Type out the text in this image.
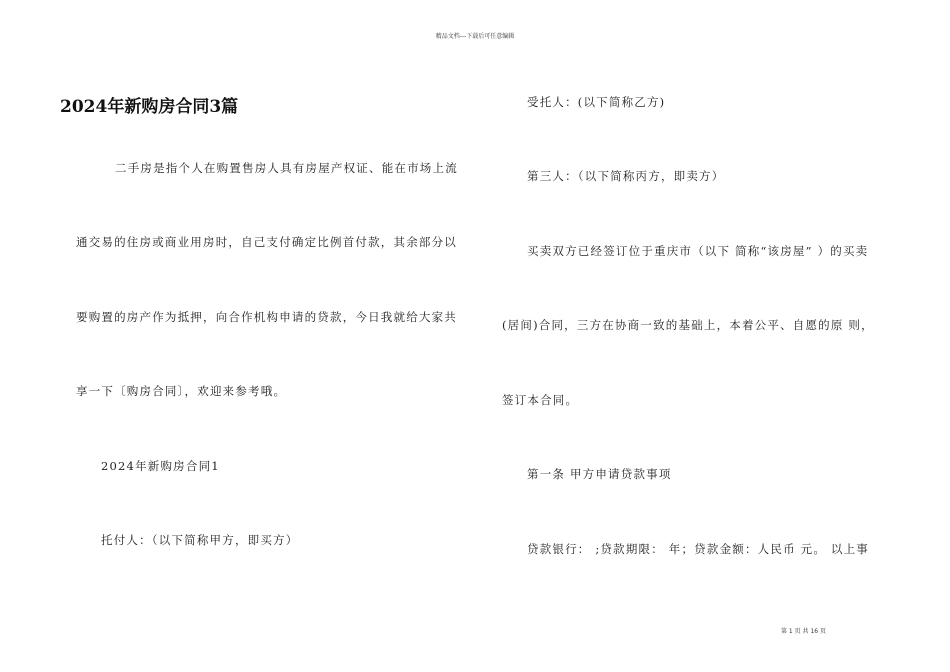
精品文档---下载后可任意编辑
2024年新购房合同3篇
二手房是指个人在购置售房人具有房屋产权证、能在市场上流
通交易的住房或商业用房时，自己支付确定比例首付款，其余部分以
要购置的房产作为抵押，向合作机构申请的贷款，今日我就给大家共
享一下〔购房合同〕，欢迎来参考哦。
2024年新购房合同1
托付人：（以下简称甲方，即买方）
受托人：(以下简称乙方)
第三人：（以下简称丙方，即卖方）
买卖双方已经签订位于重庆市（以下 简称“该房屋” ）的买卖
(居间)合同，三方在协商一致的基础上，本着公平、自愿的原 则，
签订本合同。
第一条 甲方申请贷款事项
贷款银行： ;贷款期限： 年；贷款金额：人民币 元。 以上事
第 1 页 共 16 页
